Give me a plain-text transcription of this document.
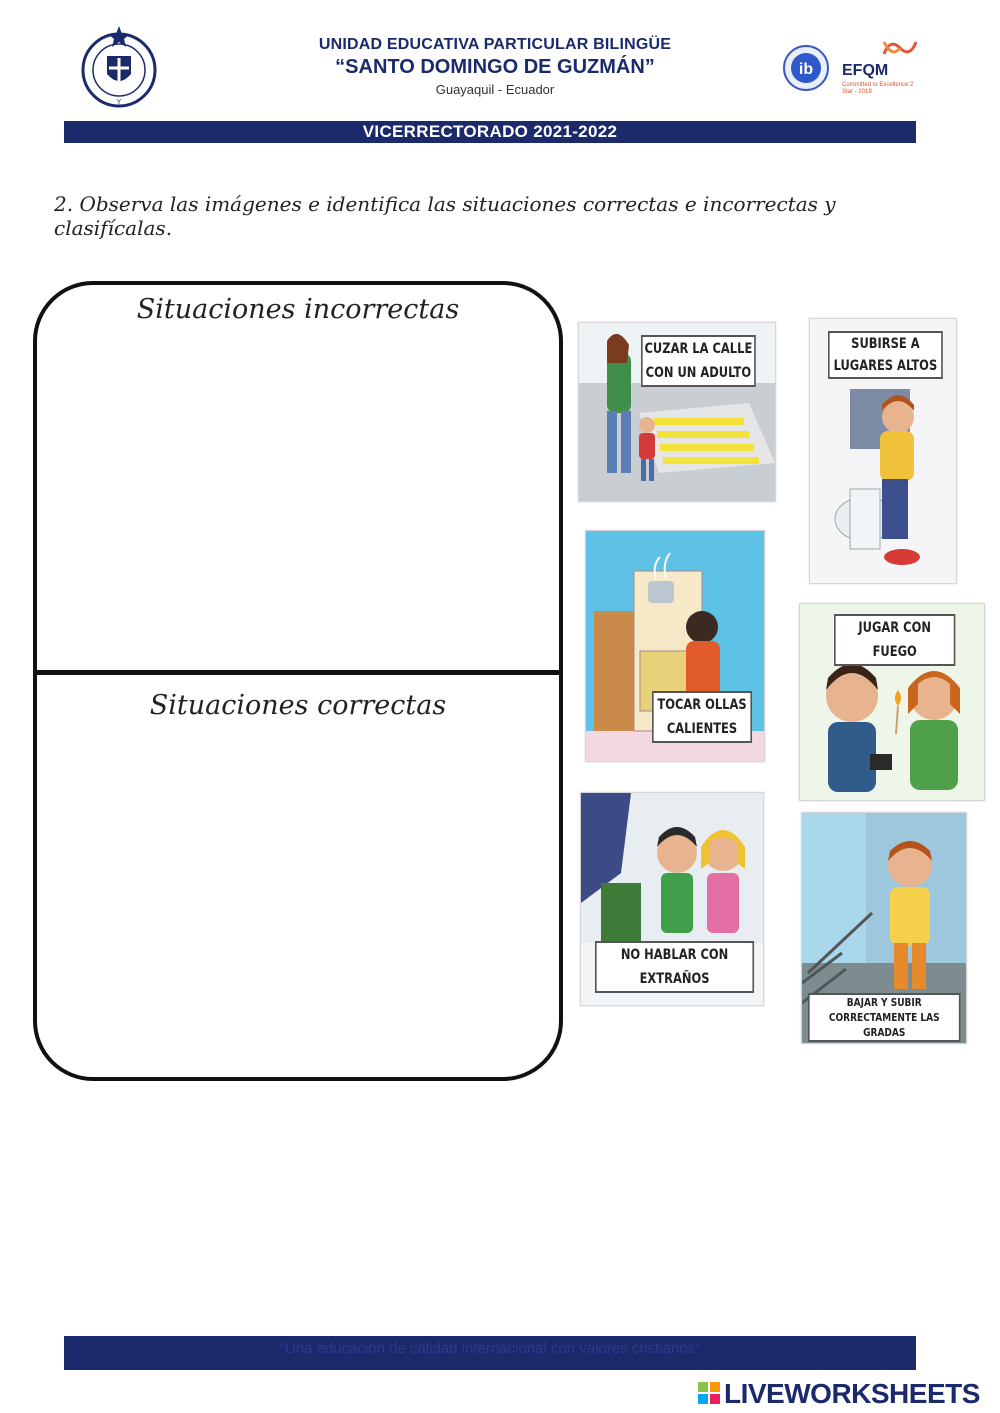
Y
UNIDAD EDUCATIVA PARTICULAR BILINGÜE
“SANTO DOMINGO DE GUZMÁN”
Guayaquil - Ecuador
ib EFQM
Committed to Excellence 2 Star - 2019
VICERRECTORADO 2021-2022
2. Observa las imágenes e identifica las situaciones correctas e incorrectas y clasifícalas.
Situaciones incorrectas
Situaciones correctas
CUZAR LA CALLE CON UN ADULTO
SUBIRSE A LUGARES ALTOS
TOCAR OLLAS CALIENTES
JUGAR CON FUEGO
NO HABLAR CON EXTRAÑOS
BAJAR Y SUBIR CORRECTAMENTE LAS GRADAS
“Una educación de calidad internacional con valores cristianos”
LIVEWORKSHEETS
